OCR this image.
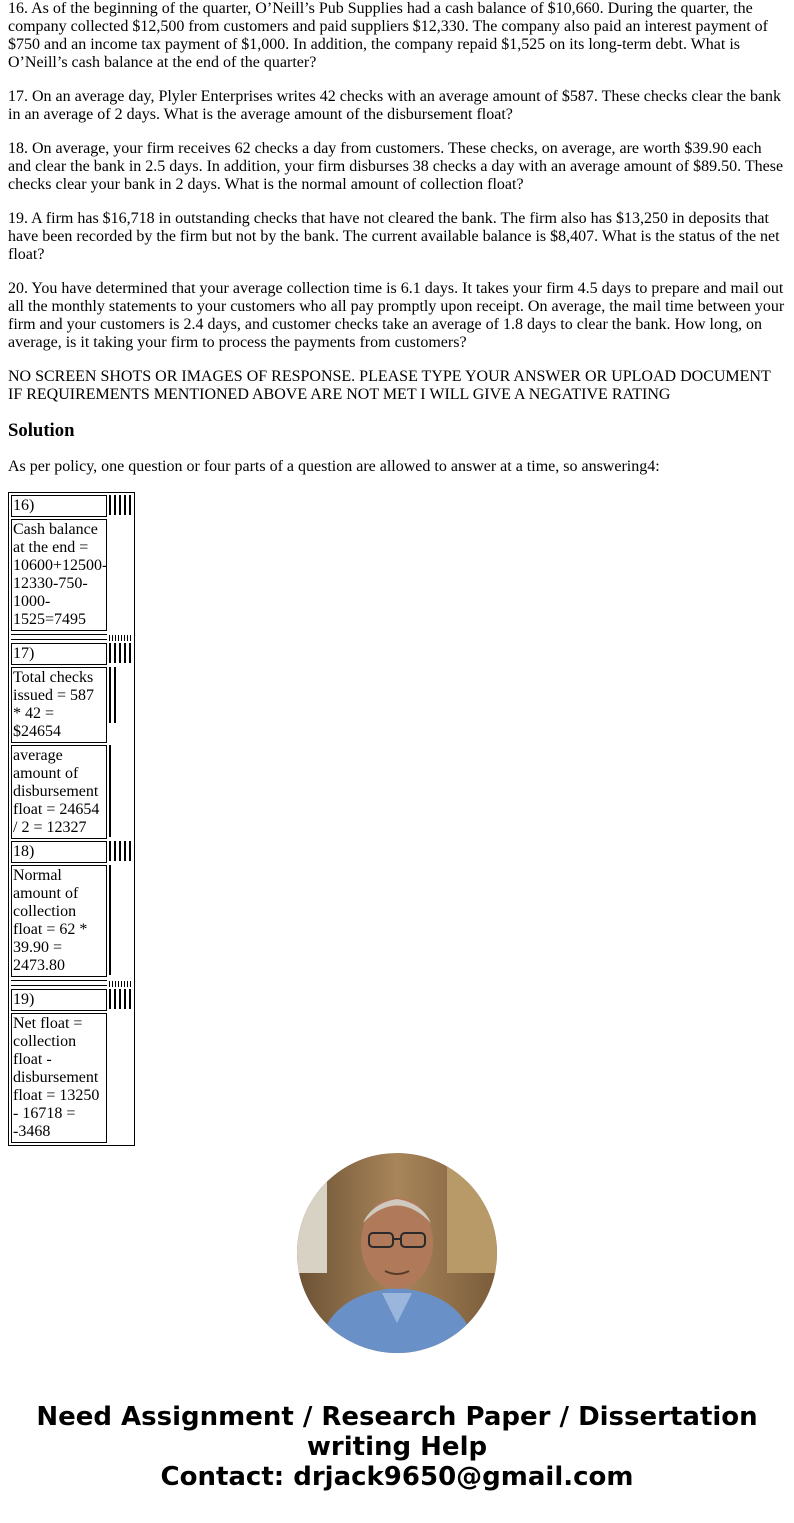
16. As of the beginning of the quarter, O’Neill’s Pub Supplies had a cash balance of $10,660. During the quarter, the company collected $12,500 from customers and paid suppliers $12,330. The company also paid an interest payment of $750 and an income tax payment of $1,000. In addition, the company repaid $1,525 on its long-term debt. What is O’Neill’s cash balance at the end of the quarter?

17. On an average day, Plyler Enterprises writes 42 checks with an average amount of $587. These checks clear the bank in an average of 2 days. What is the average amount of the disbursement float?

18. On average, your firm receives 62 checks a day from customers. These checks, on average, are worth $39.90 each and clear the bank in 2.5 days. In addition, your firm disburses 38 checks a day with an average amount of $89.50. These checks clear your bank in 2 days. What is the normal amount of collection float?

19. A firm has $16,718 in outstanding checks that have not cleared the bank. The firm also has $13,250 in deposits that have been recorded by the firm but not by the bank. The current available balance is $8,407. What is the status of the net float?

20. You have determined that your average collection time is 6.1 days. It takes your firm 4.5 days to prepare and mail out all the monthly statements to your customers who all pay promptly upon receipt. On average, the mail time between your firm and your customers is 2.4 days, and customer checks take an average of 1.8 days to clear the bank. How long, on average, is it taking your firm to process the payments from customers?

NO SCREEN SHOTS OR IMAGES OF RESPONSE. PLEASE TYPE YOUR ANSWER OR UPLOAD DOCUMENT IF REQUIREMENTS MENTIONED ABOVE ARE NOT MET I WILL GIVE A NEGATIVE RATING

Solution

As per policy, one question or four parts of a question are allowed to answer at a time, so answering4:

16)	

Cash balance at the end = 10600+12500-12330-750-1000-1525=7495	

17)	

Total checks issued = 587 * 42 = $24654	

average amount of disbursement float = 24654 / 2 = 12327	

18)	

Normal amount of collection float = 62 * 39.90 = 2473.80	

19)	

Net float = collection float - disbursement float = 13250 - 16718 = -3468	

Need Assignment / Research Paper / Dissertation
writing Help
Contact: drjack9650@gmail.com
